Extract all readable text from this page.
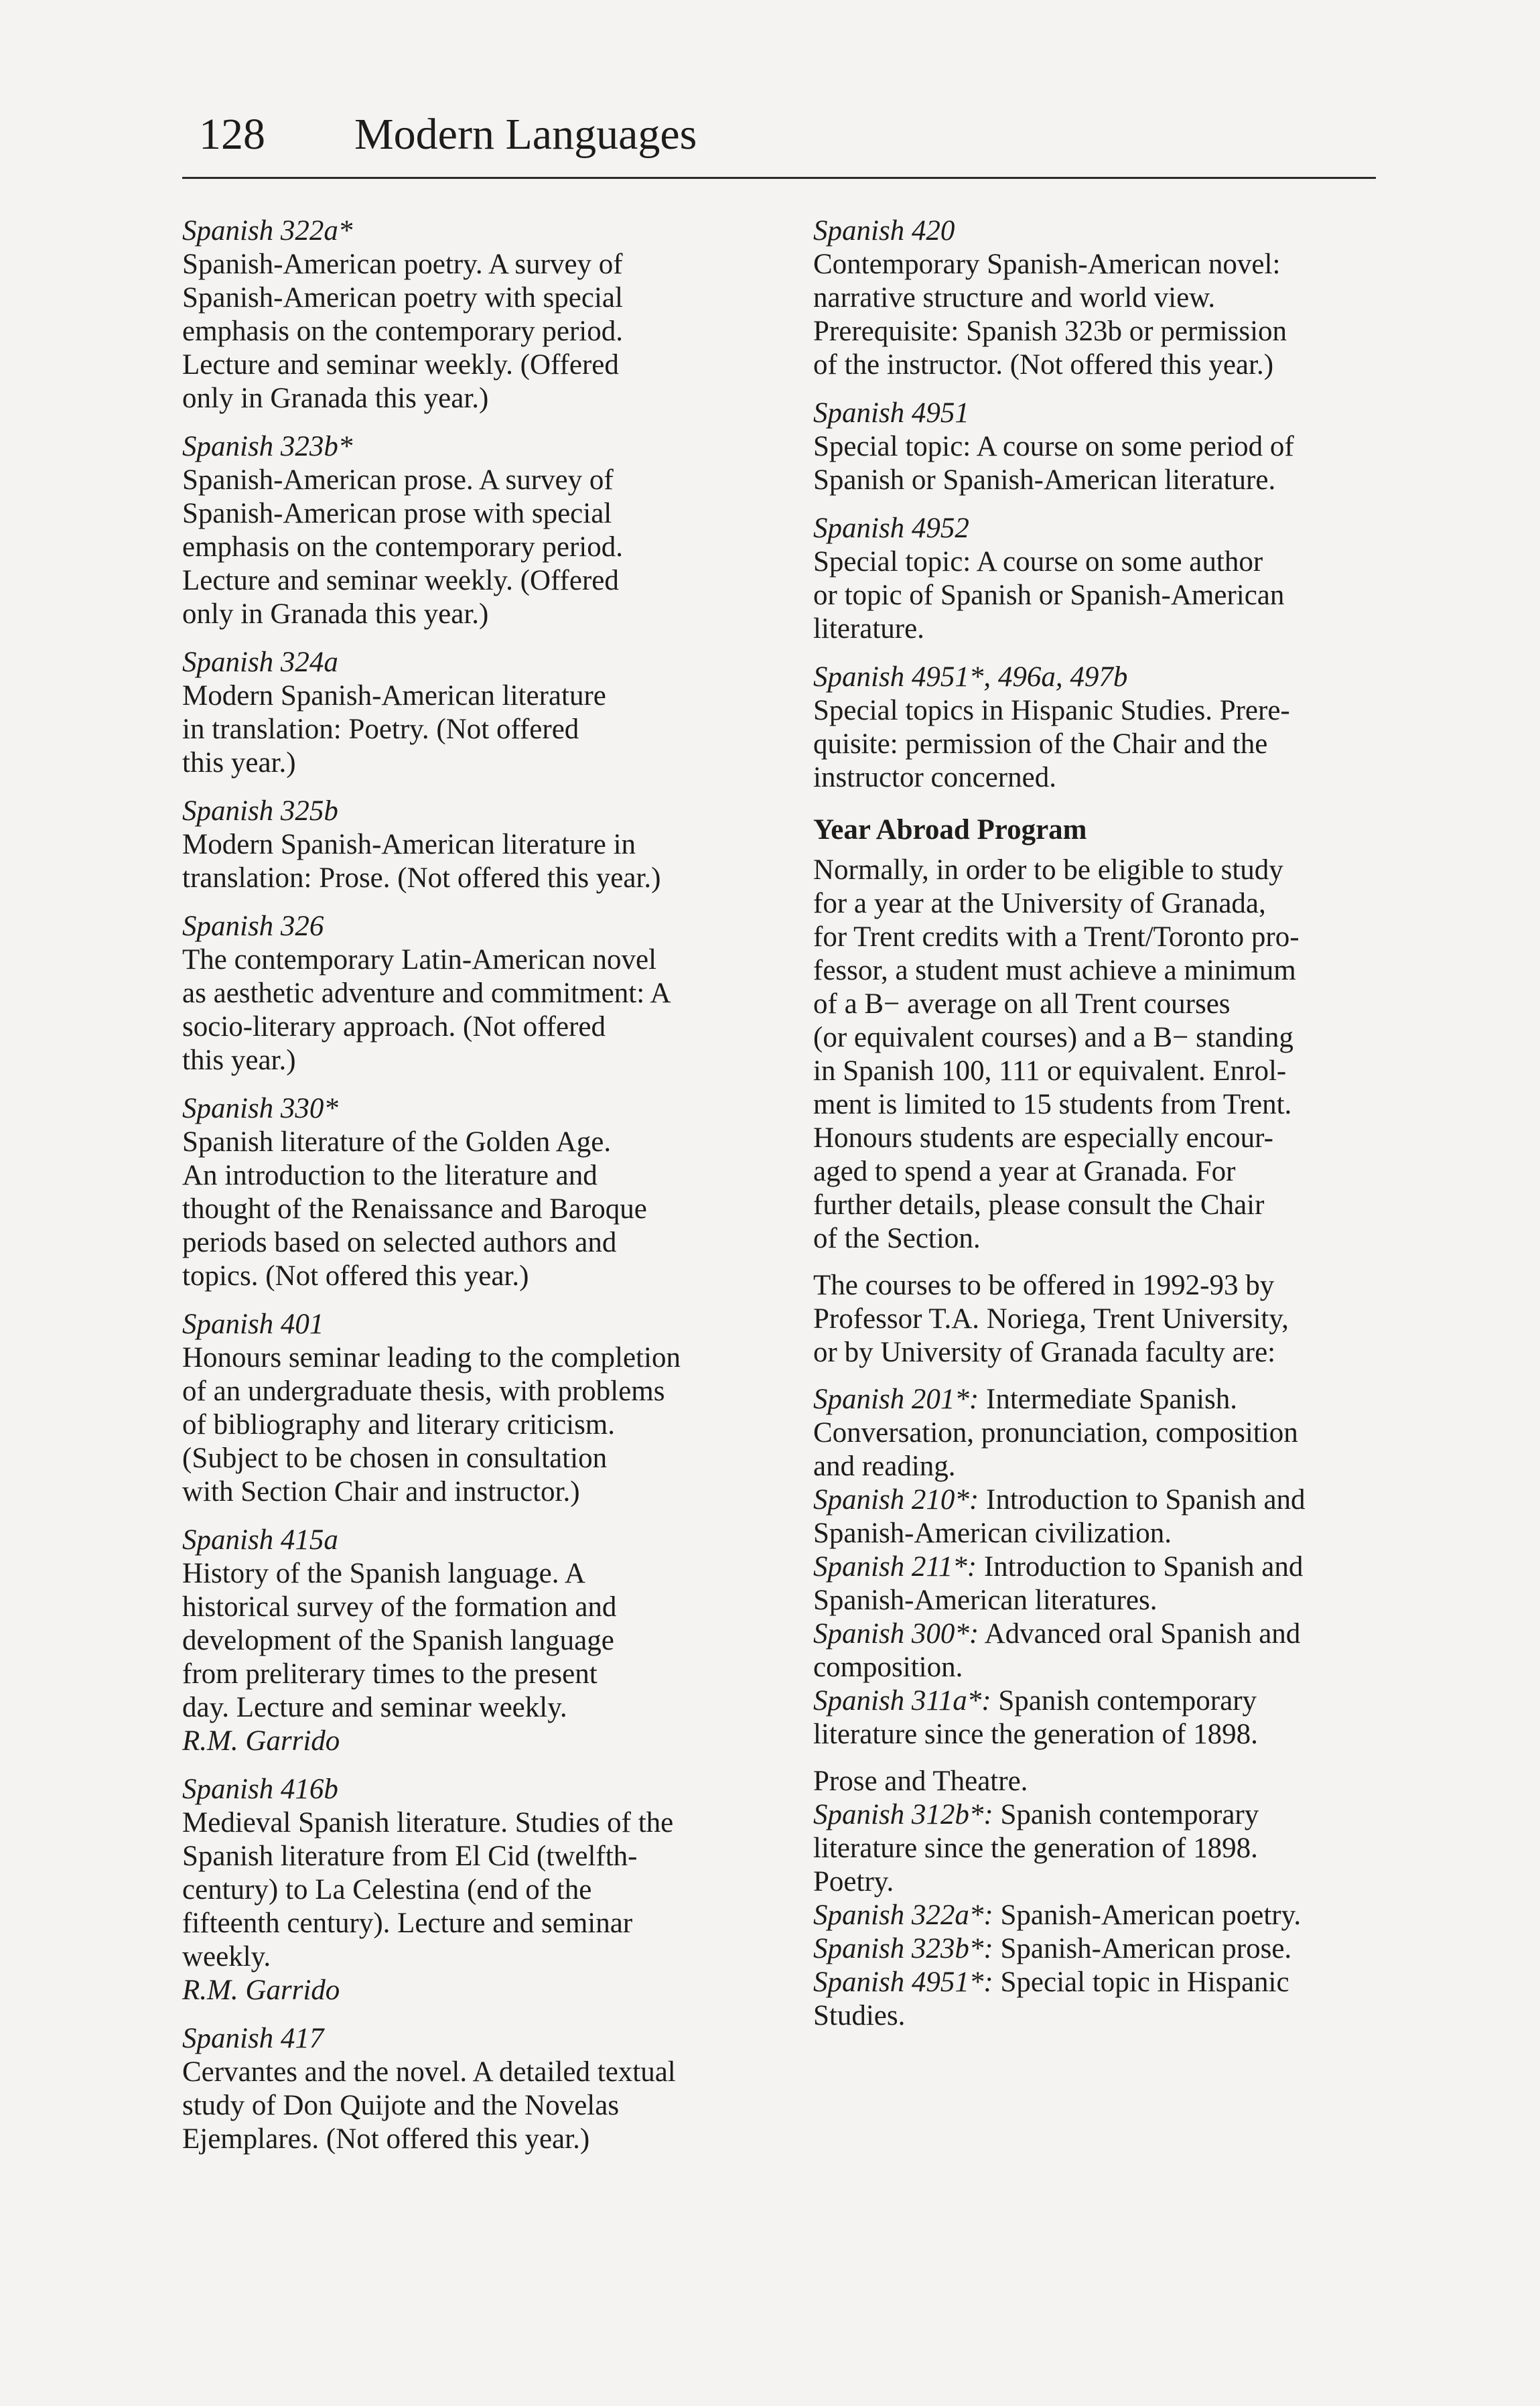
128 Modern Languages
Spanish 322a*
Spanish-American poetry. A survey of
Spanish-American poetry with special
emphasis on the contemporary period.
Lecture and seminar weekly. (Offered
only in Granada this year.)
Spanish 323b*
Spanish-American prose. A survey of
Spanish-American prose with special
emphasis on the contemporary period.
Lecture and seminar weekly. (Offered
only in Granada this year.)
Spanish 324a
Modern Spanish-American literature
in translation: Poetry. (Not offered
this year.)
Spanish 325b
Modern Spanish-American literature in
translation: Prose. (Not offered this year.)
Spanish 326
The contemporary Latin-American novel
as aesthetic adventure and commitment: A
socio-literary approach. (Not offered
this year.)
Spanish 330*
Spanish literature of the Golden Age.
An introduction to the literature and
thought of the Renaissance and Baroque
periods based on selected authors and
topics. (Not offered this year.)
Spanish 401
Honours seminar leading to the completion
of an undergraduate thesis, with problems
of bibliography and literary criticism.
(Subject to be chosen in consultation
with Section Chair and instructor.)
Spanish 415a
History of the Spanish language. A
historical survey of the formation and
development of the Spanish language
from preliterary times to the present
day. Lecture and seminar weekly.
R.M. Garrido
Spanish 416b
Medieval Spanish literature. Studies of the
Spanish literature from El Cid (twelfth-
century) to La Celestina (end of the
fifteenth century). Lecture and seminar
weekly.
R.M. Garrido
Spanish 417
Cervantes and the novel. A detailed textual
study of Don Quijote and the Novelas
Ejemplares. (Not offered this year.)
Spanish 420
Contemporary Spanish-American novel:
narrative structure and world view.
Prerequisite: Spanish 323b or permission
of the instructor. (Not offered this year.)
Spanish 4951
Special topic: A course on some period of
Spanish or Spanish-American literature.
Spanish 4952
Special topic: A course on some author
or topic of Spanish or Spanish-American
literature.
Spanish 4951*, 496a, 497b
Special topics in Hispanic Studies. Prere-
quisite: permission of the Chair and the
instructor concerned.
Year Abroad Program
Normally, in order to be eligible to study
for a year at the University of Granada,
for Trent credits with a Trent/Toronto pro-
fessor, a student must achieve a minimum
of a B− average on all Trent courses
(or equivalent courses) and a B− standing
in Spanish 100, 111 or equivalent. Enrol-
ment is limited to 15 students from Trent.
Honours students are especially encour-
aged to spend a year at Granada. For
further details, please consult the Chair
of the Section.
The courses to be offered in 1992-93 by
Professor T.A. Noriega, Trent University,
or by University of Granada faculty are:
Spanish 201*: Intermediate Spanish.
Conversation, pronunciation, composition
and reading.
Spanish 210*: Introduction to Spanish and
Spanish-American civilization.
Spanish 211*: Introduction to Spanish and
Spanish-American literatures.
Spanish 300*: Advanced oral Spanish and
composition.
Spanish 311a*: Spanish contemporary
literature since the generation of 1898.
Prose and Theatre.
Spanish 312b*: Spanish contemporary
literature since the generation of 1898.
Poetry.
Spanish 322a*: Spanish-American poetry.
Spanish 323b*: Spanish-American prose.
Spanish 4951*: Special topic in Hispanic
Studies.
